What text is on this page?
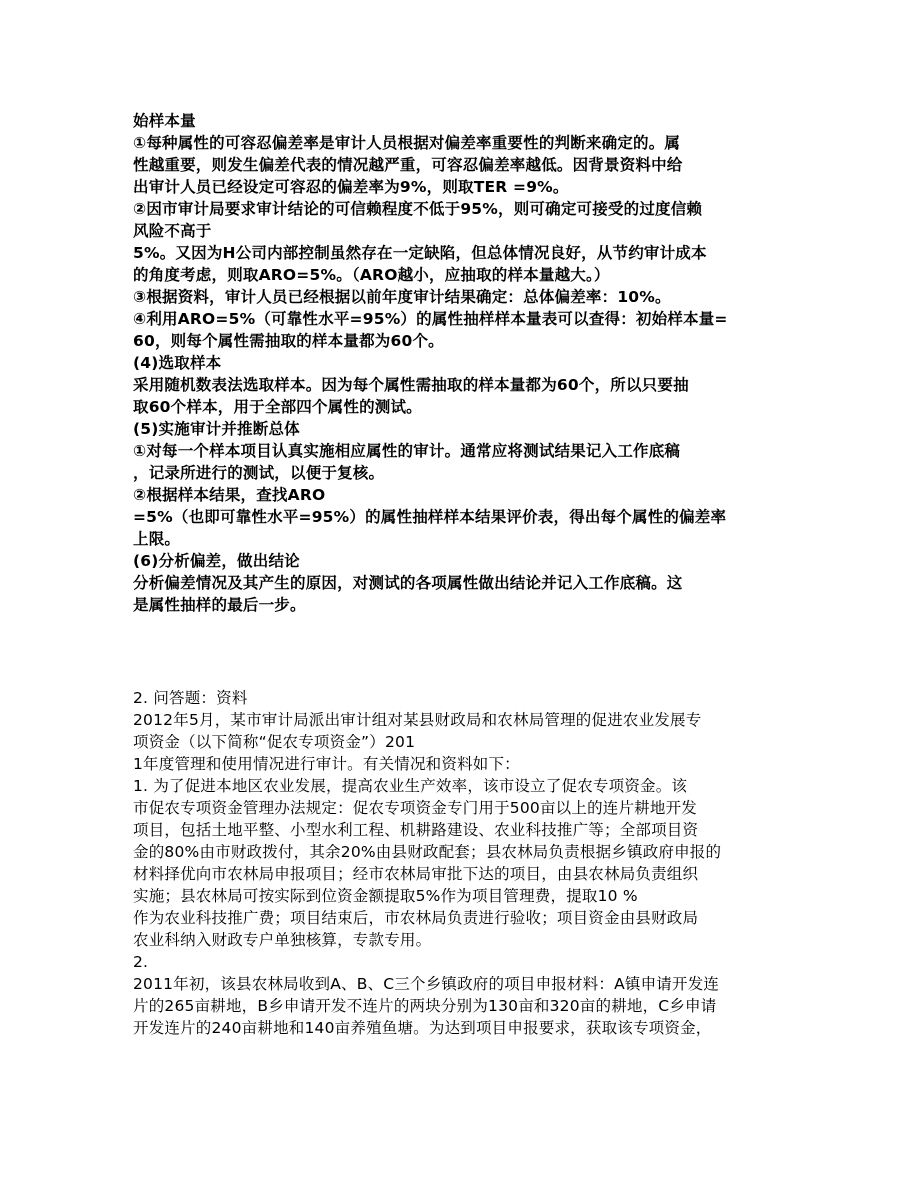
始样本量
①每种属性的可容忍偏差率是审计人员根据对偏差率重要性的判断来确定的。属
性越重要，则发生偏差代表的情况越严重，可容忍偏差率越低。因背景资料中给
出审计人员已经设定可容忍的偏差率为9%，则取TER =9%。
②因市审计局要求审计结论的可信赖程度不低于95%，则可确定可接受的过度信赖
风险不高于
5%。又因为H公司内部控制虽然存在一定缺陷，但总体情况良好，从节约审计成本
的角度考虑，则取ARO=5%。（ARO越小，应抽取的样本量越大。）
③根据资料，审计人员已经根据以前年度审计结果确定：总体偏差率：10%。
④利用ARO=5%（可靠性水平=95%）的属性抽样样本量表可以查得：初始样本量=
60，则每个属性需抽取的样本量都为60个。
(4)选取样本
采用随机数表法选取样本。因为每个属性需抽取的样本量都为60个，所以只要抽
取60个样本，用于全部四个属性的测试。
(5)实施审计并推断总体
①对每一个样本项目认真实施相应属性的审计。通常应将测试结果记入工作底稿
，记录所进行的测试，以便于复核。
②根据样本结果，查找ARO
=5%（也即可靠性水平=95%）的属性抽样样本结果评价表，得出每个属性的偏差率
上限。
(6)分析偏差，做出结论
分析偏差情况及其产生的原因，对测试的各项属性做出结论并记入工作底稿。这
是属性抽样的最后一步。
2. 问答题：资料
2012年5月，某市审计局派出审计组对某县财政局和农林局管理的促进农业发展专
项资金（以下简称“促农专项资金”）201
1年度管理和使用情况进行审计。有关情况和资料如下：
1. 为了促进本地区农业发展，提高农业生产效率，该市设立了促农专项资金。该
市促农专项资金管理办法规定：促农专项资金专门用于500亩以上的连片耕地开发
项目，包括土地平整、小型水利工程、机耕路建设、农业科技推广等；全部项目资
金的80%由市财政拨付，其余20%由县财政配套；县农林局负责根据乡镇政府申报的
材料择优向市农林局申报项目；经市农林局审批下达的项目，由县农林局负责组织
实施；县农林局可按实际到位资金额提取5%作为项目管理费，提取10 %
作为农业科技推广费；项目结束后，市农林局负责进行验收；项目资金由县财政局
农业科纳入财政专户单独核算，专款专用。
2.
2011年初，该县农林局收到A、B、C三个乡镇政府的项目申报材料：A镇申请开发连
片的265亩耕地，B乡申请开发不连片的两块分别为130亩和320亩的耕地，C乡申请
开发连片的240亩耕地和140亩养殖鱼塘。为达到项目申报要求，获取该专项资金，
